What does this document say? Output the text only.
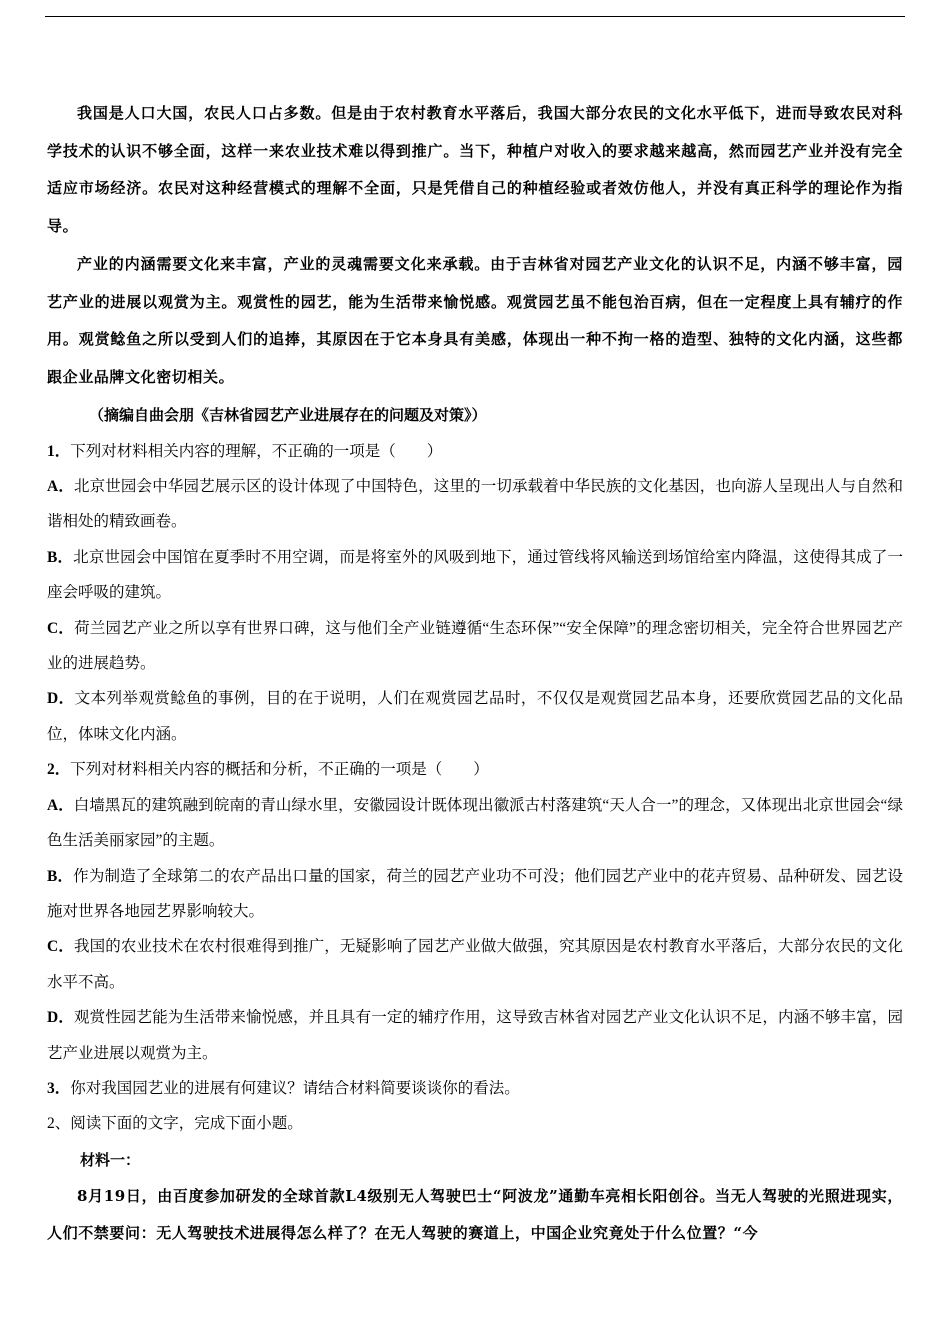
我国是人口大国，农民人口占多数。但是由于农村教育水平落后，我国大部分农民的文化水平低下，进而导致农民对科学技术的认识不够全面，这样一来农业技术难以得到推广。当下，种植户对收入的要求越来越高，然而园艺产业并没有完全适应市场经济。农民对这种经营模式的理解不全面，只是凭借自己的种植经验或者效仿他人，并没有真正科学的理论作为指导。

产业的内涵需要文化来丰富，产业的灵魂需要文化来承载。由于吉林省对园艺产业文化的认识不足，内涵不够丰富，园艺产业的进展以观赏为主。观赏性的园艺，能为生活带来愉悦感。观赏园艺虽不能包治百病，但在一定程度上具有辅疗的作用。观赏鲶鱼之所以受到人们的追捧，其原因在于它本身具有美感，体现出一种不拘一格的造型、独特的文化内涵，这些都跟企业品牌文化密切相关。

（摘编自曲会朋《吉林省园艺产业进展存在的问题及对策》）

1．下列对材料相关内容的理解，不正确的一项是（　　）

A．北京世园会中华园艺展示区的设计体现了中国特色，这里的一切承载着中华民族的文化基因，也向游人呈现出人与自然和谐相处的精致画卷。

B．北京世园会中国馆在夏季时不用空调，而是将室外的风吸到地下，通过管线将风输送到场馆给室内降温，这使得其成了一座会呼吸的建筑。

C．荷兰园艺产业之所以享有世界口碑，这与他们全产业链遵循“生态环保”“安全保障”的理念密切相关，完全符合世界园艺产业的进展趋势。

D．文本列举观赏鲶鱼的事例，目的在于说明，人们在观赏园艺品时，不仅仅是观赏园艺品本身，还要欣赏园艺品的文化品位，体味文化内涵。

2．下列对材料相关内容的概括和分析，不正确的一项是（　　）

A．白墙黑瓦的建筑融到皖南的青山绿水里，安徽园设计既体现出徽派古村落建筑“天人合一”的理念，又体现出北京世园会“绿色生活美丽家园”的主题。

B．作为制造了全球第二的农产品出口量的国家，荷兰的园艺产业功不可没；他们园艺产业中的花卉贸易、品种研发、园艺设施对世界各地园艺界影响较大。

C．我国的农业技术在农村很难得到推广，无疑影响了园艺产业做大做强，究其原因是农村教育水平落后，大部分农民的文化水平不高。

D．观赏性园艺能为生活带来愉悦感，并且具有一定的辅疗作用，这导致吉林省对园艺产业文化认识不足，内涵不够丰富，园艺产业进展以观赏为主。

3．你对我国园艺业的进展有何建议？请结合材料简要谈谈你的看法。

2、阅读下面的文字，完成下面小题。

材料一：

8月19日，由百度参加研发的全球首款L4级别无人驾驶巴士“阿波龙”通勤车亮相长阳创谷。当无人驾驶的光照进现实，人们不禁要问：无人驾驶技术进展得怎么样了？在无人驾驶的赛道上，中国企业究竟处于什么位置？“今
